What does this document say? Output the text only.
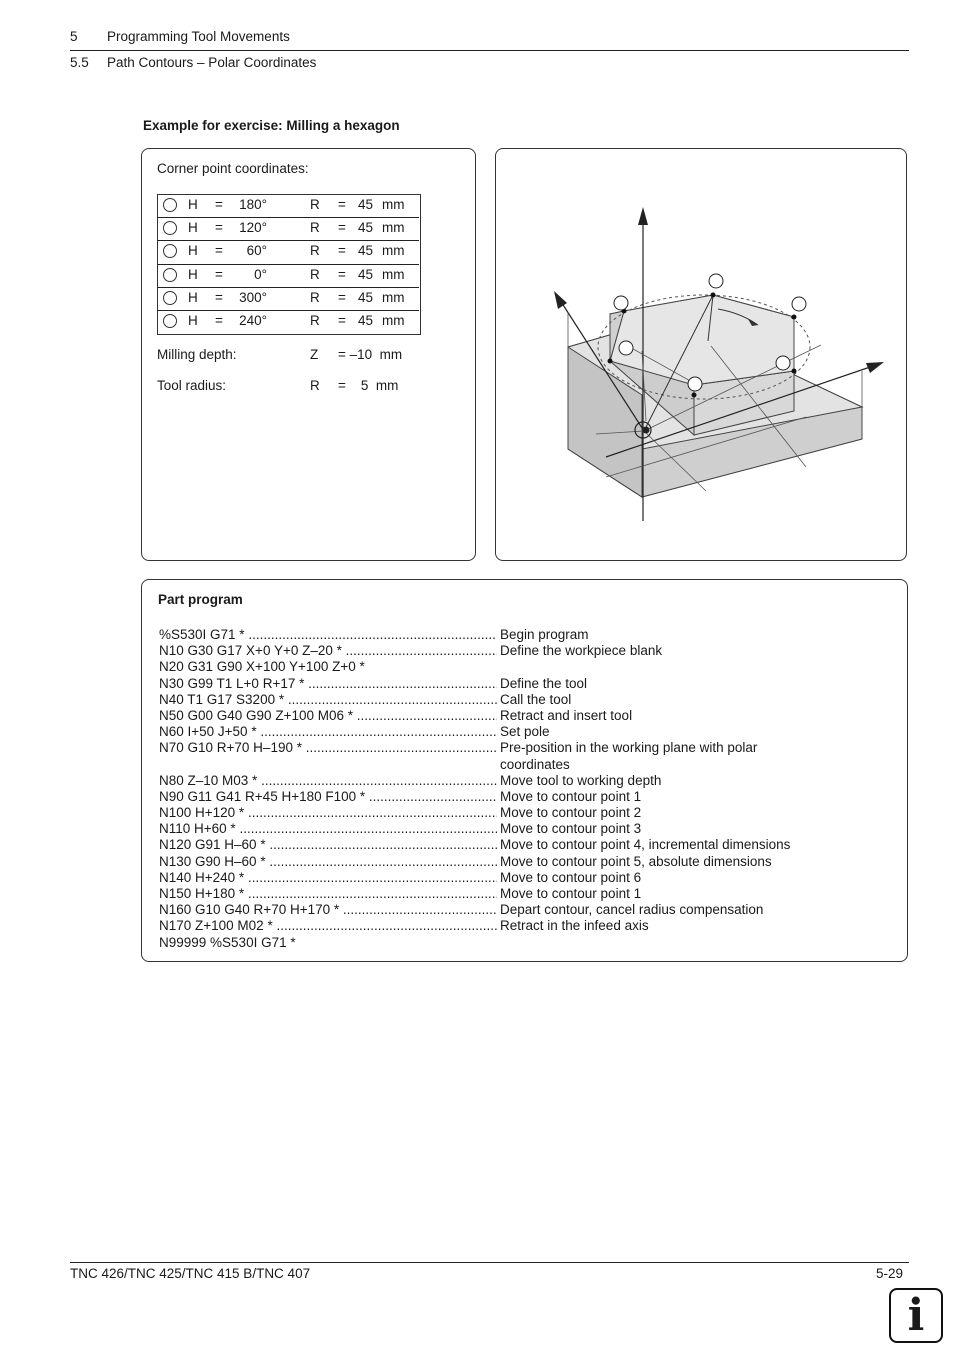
5 Programming Tool Movements
5.5 Path Contours – Polar Coordinates
Example for exercise: Milling a hexagon
Corner point coordinates:
H =	180°	R = 45 mm
H =	120°	R = 45 mm
H =	60°	R = 45 mm
H =	0°	R = 45 mm
H =	300°	R = 45 mm
H =	240°	R = 45 mm
Milling depth:	Z = –10  mm
Tool radius:	R =    5  mm
Part program
%S530I G71 * .....	Begin program
N10 G30 G17 X+0 Y+0 Z–20 * .....	Define the workpiece blank
N20 G31 G90 X+100 Y+100 Z+0 *
N30 G99 T1 L+0 R+17 * .....	Define the tool
N40 T1 G17 S3200 * .....	Call the tool
N50 G00 G40 G90 Z+100 M06 * .....	Retract and insert tool
N60 I+50 J+50 * .....	Set pole
N70 G10 R+70 H–190 * .....	Pre-position in the working plane with polar
coordinates
N80 Z–10 M03 * .....	Move tool to working depth
N90 G11 G41 R+45 H+180 F100 * .....	Move to contour point 1
N100 H+120 * .....	Move to contour point 2
N110 H+60 * .....	Move to contour point 3
N120 G91 H–60 * .....	Move to contour point 4, incremental dimensions
N130 G90 H–60 * .....	Move to contour point 5, absolute dimensions
N140 H+240 * .....	Move to contour point 6
N150 H+180 * .....	Move to contour point 1
N160 G10 G40 R+70 H+170 * .....	Depart contour, cancel radius compensation
N170 Z+100 M02 * .....	Retract in the infeed axis
N99999 %S530I G71 *
TNC 426/TNC 425/TNC 415 B/TNC 407	5-29
i
